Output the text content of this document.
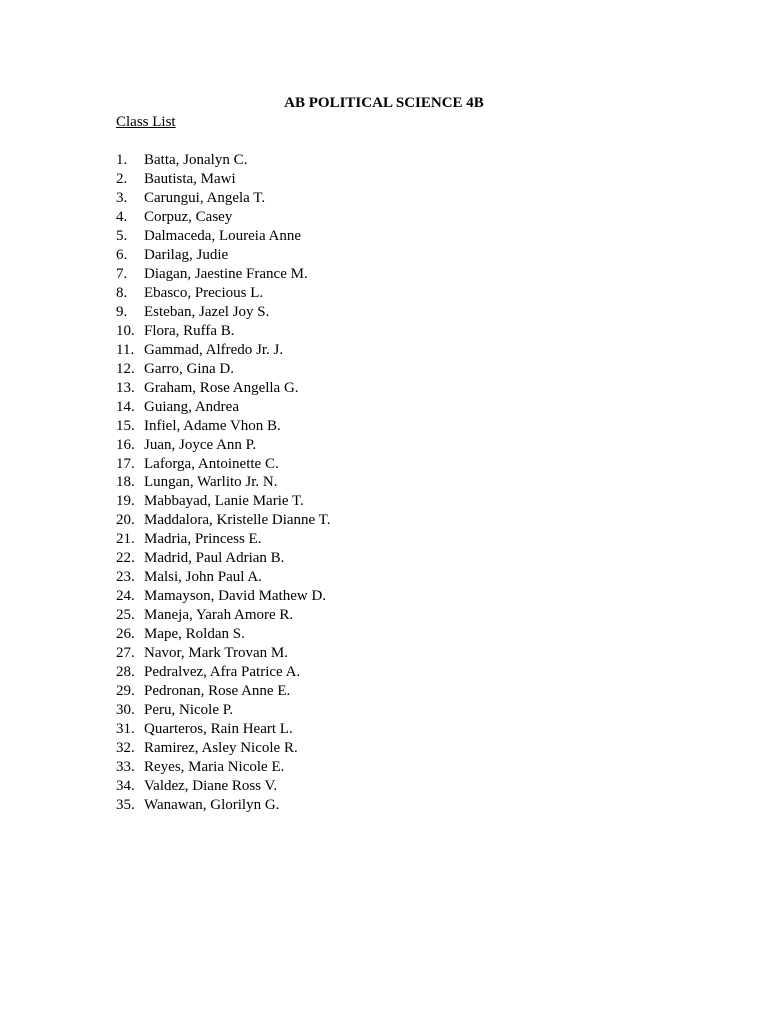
AB POLITICAL SCIENCE 4B

Class List

1.	Batta, Jonalyn C.
2.	Bautista, Mawi
3.	Carungui, Angela T.
4.	Corpuz, Casey
5.	Dalmaceda, Loureia Anne
6.	Darilag, Judie
7.	Diagan, Jaestine France M.
8.	Ebasco, Precious L.
9.	Esteban, Jazel Joy S.
10. Flora, Ruffa B.
11. Gammad, Alfredo Jr. J.
12. Garro, Gina D.
13. Graham, Rose Angella G.
14. Guiang, Andrea
15. Infiel, Adame Vhon B.
16. Juan, Joyce Ann P.
17. Laforga, Antoinette C.
18. Lungan, Warlito Jr. N.
19. Mabbayad, Lanie Marie T.
20. Maddalora, Kristelle Dianne T.
21. Madria, Princess E.
22. Madrid, Paul Adrian B.
23. Malsi, John Paul A.
24. Mamayson, David Mathew D.
25. Maneja, Yarah Amore R.
26. Mape, Roldan S.
27. Navor, Mark Trovan M.
28. Pedralvez, Afra Patrice A.
29. Pedronan, Rose Anne E.
30. Peru, Nicole P.
31. Quarteros, Rain Heart L.
32. Ramirez, Asley Nicole R.
33. Reyes, Maria Nicole E.
34. Valdez, Diane Ross V.
35. Wanawan, Glorilyn G.
